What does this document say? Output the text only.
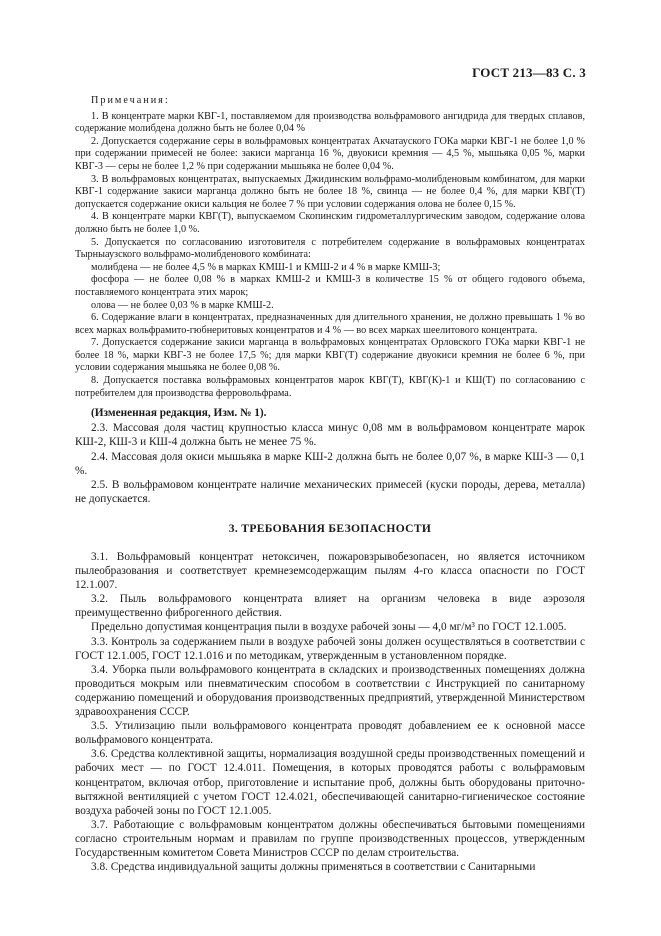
ГОСТ 213—83 С. 3

Примечания:

1. В концентрате марки КВГ-1, поставляемом для производства вольфрамового ангидрида для твердых сплавов, содержание молибдена должно быть не более 0,04 %

2. Допускается содержание серы в вольфрамовых концентратах Акчатауского ГОКа марки КВГ-1 не более 1,0 % при содержании примесей не более: закиси марганца 16 %, двуокиси кремния — 4,5 %, мышьяка 0,05 %, марки КВГ-3 — серы не более 1,2 % при содержании мышьяка не более 0,04 %.

3. В вольфрамовых концентратах, выпускаемых Джидинским вольфрамо-молибденовым комбинатом, для марки КВГ-1 содержание закиси марганца должно быть не более 18 %, свинца — не более 0,4 %, для марки КВГ(Т) допускается содержание окиси кальция не более 7 % при условии содержания олова не более 0,15 %.

4. В концентрате марки КВГ(Т), выпускаемом Скопинским гидрометаллургическим заводом, содержание олова должно быть не более 1,0 %.

5. Допускается по согласованию изготовителя с потребителем содержание в вольфрамовых концентратах Тырныаузского вольфрамо-молибденового комбината:

молибдена — не более 4,5 % в марках КМШ-1 и КМШ-2 и 4 % в марке КМШ-3;

фосфора — не более 0,08 % в марках КМШ-2 и КМШ-3 в количестве 15 % от общего годового объема, поставляемого концентрата этих марок;

олова — не более 0,03 % в марке КМШ-2.

6. Содержание влаги в концентратах, предназначенных для длительного хранения, не должно превышать 1 % во всех марках вольфрамито-гюбнеритовых концентратов и 4 % — во всех марках шеелитового концентрата.

7. Допускается содержание закиси марганца в вольфрамовых концентратах Орловского ГОКа марки КВГ-1 не более 18 %, марки КВГ-3 не более 17,5 %; для марки КВГ(Т) содержание двуокиси кремния не более 6 %, при условии содержания мышьяка не более 0,08 %.

8. Допускается поставка вольфрамовых концентратов марок КВГ(Т), КВГ(К)-1 и КШ(Т) по согласованию с потребителем для производства ферровольфрама.

(Измененная редакция, Изм. № 1).

2.3. Массовая доля частиц крупностью класса минус 0,08 мм в вольфрамовом концентрате марок КШ-2, КШ-3 и КШ-4 должна быть не менее 75 %.

2.4. Массовая доля окиси мышьяка в марке КШ-2 должна быть не более 0,07 %, в марке КШ-3 — 0,1 %.

2.5. В вольфрамовом концентрате наличие механических примесей (куски породы, дерева, металла) не допускается.

3. ТРЕБОВАНИЯ БЕЗОПАСНОСТИ

3.1. Вольфрамовый концентрат нетоксичен, пожаровзрывобезопасен, но является источником пылеобразования и соответствует кремнеземсодержащим пылям 4-го класса опасности по ГОСТ 12.1.007.

3.2. Пыль вольфрамового концентрата влияет на организм человека в виде аэрозоля преимущественно фиброгенного действия.

Предельно допустимая концентрация пыли в воздухе рабочей зоны — 4,0 мг/м³ по ГОСТ 12.1.005.

3.3. Контроль за содержанием пыли в воздухе рабочей зоны должен осуществляться в соответствии с ГОСТ 12.1.005, ГОСТ 12.1.016 и по методикам, утвержденным в установленном порядке.

3.4. Уборка пыли вольфрамового концентрата в складских и производственных помещениях должна проводиться мокрым или пневматическим способом в соответствии с Инструкцией по санитарному содержанию помещений и оборудования производственных предприятий, утвержденной Министерством здравоохранения СССР.

3.5. Утилизацию пыли вольфрамового концентрата проводят добавлением ее к основной массе вольфрамового концентрата.

3.6. Средства коллективной защиты, нормализация воздушной среды производственных помещений и рабочих мест — по ГОСТ 12.4.011. Помещения, в которых проводятся работы с вольфрамовым концентратом, включая отбор, приготовление и испытание проб, должны быть оборудованы приточно-вытяжной вентиляцией с учетом ГОСТ 12.4.021, обеспечивающей санитарно-гигиеническое состояние воздуха рабочей зоны по ГОСТ 12.1.005.

3.7. Работающие с вольфрамовым концентратом должны обеспечиваться бытовыми помещениями согласно строительным нормам и правилам по группе производственных процессов, утвержденным Государственным комитетом Совета Министров СССР по делам строительства.

3.8. Средства индивидуальной защиты должны применяться в соответствии с Санитарными
